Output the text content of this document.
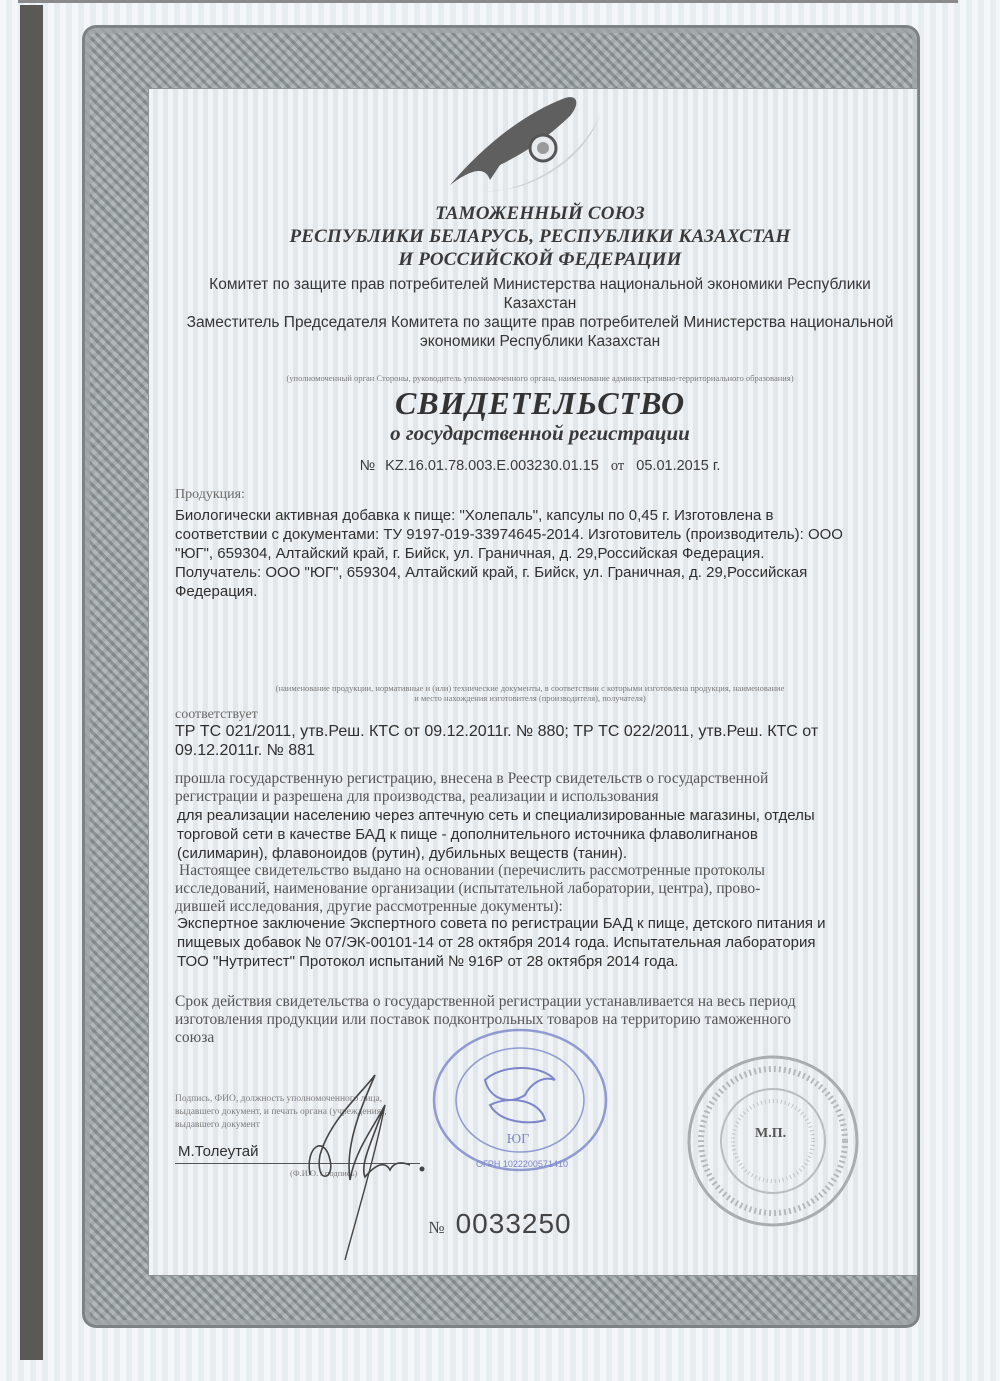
ТАМОЖЕННЫЙ СОЮЗ
РЕСПУБЛИКИ БЕЛАРУСЬ, РЕСПУБЛИКИ КАЗАХСТАН
И РОССИЙСКОЙ ФЕДЕРАЦИИ
Комитет по защите прав потребителей Министерства национальной экономики Республики
Казахстан
Заместитель Председателя Комитета по защите прав потребителей Министерства национальной
экономики Республики Казахстан
(уполномоченный орган Стороны, руководитель уполномоченного органа, наименование административно-территориального образования)
СВИДЕТЕЛЬСТВО
о государственной регистрации
№ KZ.16.01.78.003.E.003230.01.15 от 05.01.2015 г.
Продукция:
Биологически активная добавка к пище: "Холепаль", капсулы по 0,45 г. Изготовлена в
соответствии с документами: ТУ 9197-019-33974645-2014. Изготовитель (производитель): ООО
"ЮГ", 659304, Алтайский край, г. Бийск, ул. Граничная, д. 29,Российская Федерация.
Получатель: ООО "ЮГ", 659304, Алтайский край, г. Бийск, ул. Граничная, д. 29,Российская
Федерация.
(наименование продукции, нормативные и (или) технические документы, в соответствии с которыми изготовлена продукция, наименование
и место нахождения изготовителя (производителя), получателя)
соответствует
ТР ТС 021/2011, утв.Реш. КТС от 09.12.2011г. № 880; ТР ТС 022/2011, утв.Реш. КТС от
09.12.2011г. № 881
прошла государственную регистрацию, внесена в Реестр свидетельств о государственной
регистрации и разрешена для производства, реализации и использования
для реализации населению через аптечную сеть и специализированные магазины, отделы
торговой сети в качестве БАД к пище - дополнительного источника флаволигнанов
(силимарин), флавоноидов (рутин), дубильных веществ (танин).
Настоящее свидетельство выдано на основании (перечислить рассмотренные протоколы
исследований, наименование организации (испытательной лаборатории, центра), прово-
дившей исследования, другие рассмотренные документы):
Экспертное заключение Экспертного совета по регистрации БАД к пище, детского питания и
пищевых добавок № 07/ЭК-00101-14 от 28 октября 2014 года. Испытательная лаборатория
ТОО "Нутритест" Протокол испытаний № 916Р от 28 октября 2014 года.
Срок действия свидетельства о государственной регистрации устанавливается на весь период
изготовления продукции или поставок подконтрольных товаров на территорию таможенного
союза
ЮГ
ОГРН 1022200571410
М.П.
Подпись, ФИО, должность уполномоченного лица,
выдавшего документ, и печать органа (учреждения),
выдавшего документ
М.Толеутай
(Ф.И.О. / подпись)
№ 0033250
